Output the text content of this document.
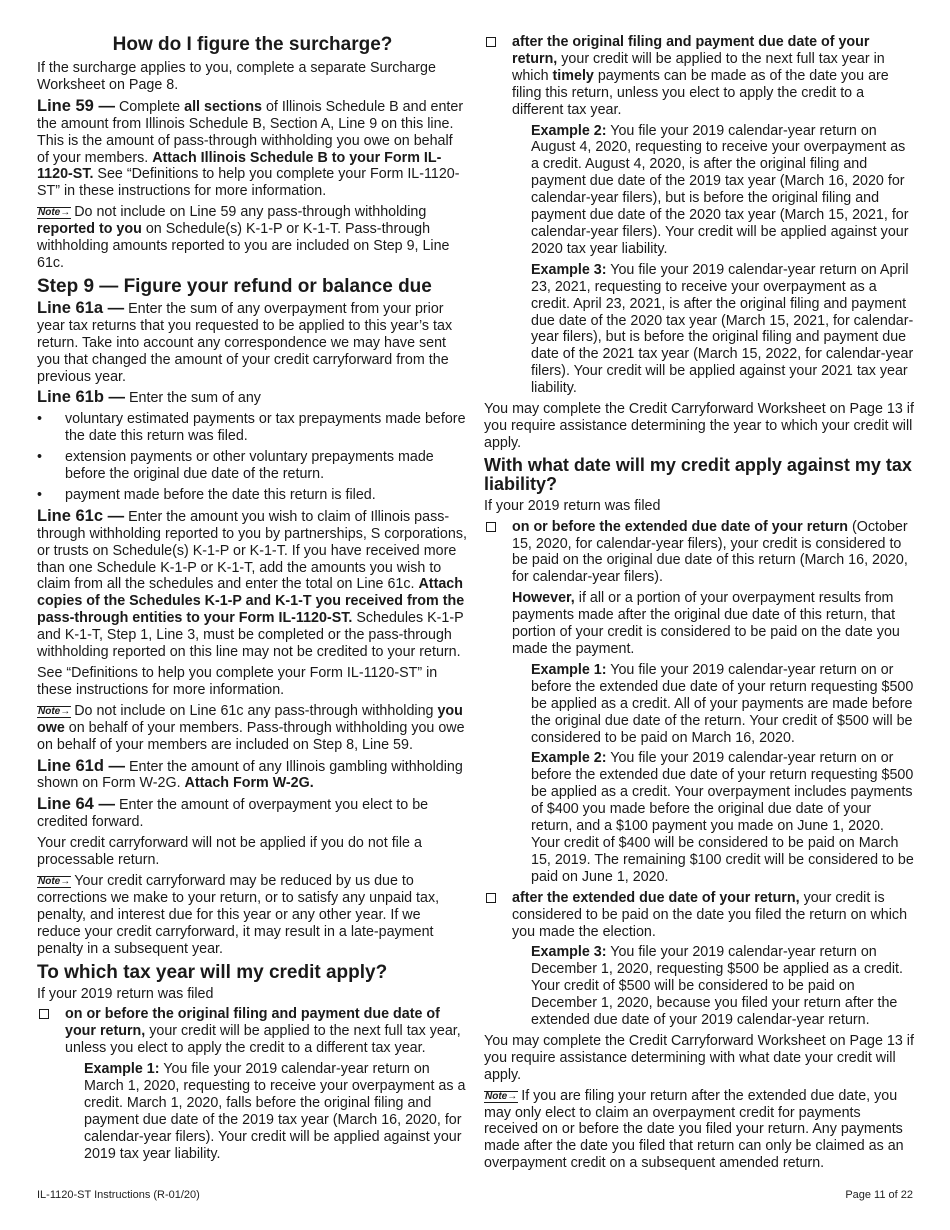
How do I figure the surcharge?

If the surcharge applies to you, complete a separate Surcharge Worksheet on Page 8.

Line 59 — Complete all sections of Illinois Schedule B and enter the amount from Illinois Schedule B, Section A, Line 9 on this line. This is the amount of pass-through withholding you owe on behalf of your members. Attach Illinois Schedule B to your Form IL-1120-ST. See “Definitions to help you complete your Form IL-1120-ST” in these instructions for more information.

Note→ Do not include on Line 59 any pass-through withholding reported to you on Schedule(s) K-1-P or K-1-T. Pass-through withholding amounts reported to you are included on Step 9, Line 61c.

Step 9 — Figure your refund or balance due

Line 61a — Enter the sum of any overpayment from your prior year tax returns that you requested to be applied to this year’s tax return. Take into account any correspondence we may have sent you that changed the amount of your credit carryforward from the previous year.

Line 61b — Enter the sum of any

• voluntary estimated payments or tax prepayments made before the date this return was filed.
• extension payments or other voluntary prepayments made before the original due date of the return.
• payment made before the date this return is filed.

Line 61c — Enter the amount you wish to claim of Illinois pass-through withholding reported to you by partnerships, S corporations, or trusts on Schedule(s) K-1-P or K-1-T. If you have received more than one Schedule K-1-P or K-1-T, add the amounts you wish to claim from all the schedules and enter the total on Line 61c. Attach copies of the Schedules K-1-P and K-1-T you received from the pass-through entities to your Form IL-1120-ST. Schedules K-1-P and K-1-T, Step 1, Line 3, must be completed or the pass-through withholding reported on this line may not be credited to your return.

See “Definitions to help you complete your Form IL-1120-ST” in these instructions for more information.

Note→ Do not include on Line 61c any pass-through withholding you owe on behalf of your members. Pass-through withholding you owe on behalf of your members are included on Step 8, Line 59.

Line 61d — Enter the amount of any Illinois gambling withholding shown on Form W-2G. Attach Form W-2G.

Line 64 — Enter the amount of overpayment you elect to be credited forward.

Your credit carryforward will not be applied if you do not file a processable return.

Note→ Your credit carryforward may be reduced by us due to corrections we make to your return, or to satisfy any unpaid tax, penalty, and interest due for this year or any other year. If we reduce your credit carryforward, it may result in a late-payment penalty in a subsequent year.

To which tax year will my credit apply?

If your 2019 return was filed

on or before the original filing and payment due date of your return, your credit will be applied to the next full tax year, unless you elect to apply the credit to a different tax year.

Example 1: You file your 2019 calendar-year return on March 1, 2020, requesting to receive your overpayment as a credit. March 1, 2020, falls before the original filing and payment due date of the 2019 tax year (March 16, 2020, for calendar-year filers). Your credit will be applied against your 2019 tax year liability.

after the original filing and payment due date of your return, your credit will be applied to the next full tax year in which timely payments can be made as of the date you are filing this return, unless you elect to apply the credit to a different tax year.

Example 2: You file your 2019 calendar-year return on August 4, 2020, requesting to receive your overpayment as a credit. August 4, 2020, is after the original filing and payment due date of the 2019 tax year (March 16, 2020 for calendar-year filers), but is before the original filing and payment due date of the 2020 tax year (March 15, 2021, for calendar-year filers). Your credit will be applied against your 2020 tax year liability.

Example 3: You file your 2019 calendar-year return on April 23, 2021, requesting to receive your overpayment as a credit. April 23, 2021, is after the original filing and payment due date of the 2020 tax year (March 15, 2021, for calendar-year filers), but is before the original filing and payment due date of the 2021 tax year (March 15, 2022, for calendar-year filers). Your credit will be applied against your 2021 tax year liability.

You may complete the Credit Carryforward Worksheet on Page 13 if you require assistance determining the year to which your credit will apply.

With what date will my credit apply against my tax liability?

If your 2019 return was filed

on or before the extended due date of your return (October 15, 2020, for calendar-year filers), your credit is considered to be paid on the original due date of this return (March 16, 2020, for calendar-year filers).

However, if all or a portion of your overpayment results from payments made after the original due date of this return, that portion of your credit is considered to be paid on the date you made the payment.

Example 1: You file your 2019 calendar-year return on or before the extended due date of your return requesting $500 be applied as a credit. All of your payments are made before the original due date of the return. Your credit of $500 will be considered to be paid on March 16, 2020.

Example 2: You file your 2019 calendar-year return on or before the extended due date of your return requesting $500 be applied as a credit. Your overpayment includes payments of $400 you made before the original due date of your return, and a $100 payment you made on June 1, 2020. Your credit of $400 will be considered to be paid on March 15, 2019. The remaining $100 credit will be considered to be paid on June 1, 2020.

after the extended due date of your return, your credit is considered to be paid on the date you filed the return on which you made the election.

Example 3: You file your 2019 calendar-year return on December 1, 2020, requesting $500 be applied as a credit. Your credit of $500 will be considered to be paid on December 1, 2020, because you filed your return after the extended due date of your 2019 calendar-year return.

You may complete the Credit Carryforward Worksheet on Page 13 if you require assistance determining with what date your credit will apply.

Note→ If you are filing your return after the extended due date, you may only elect to claim an overpayment credit for payments received on or before the date you filed your return. Any payments made after the date you filed that return can only be claimed as an overpayment credit on a subsequent amended return.

IL-1120-ST Instructions (R-01/20)	Page 11 of 22
